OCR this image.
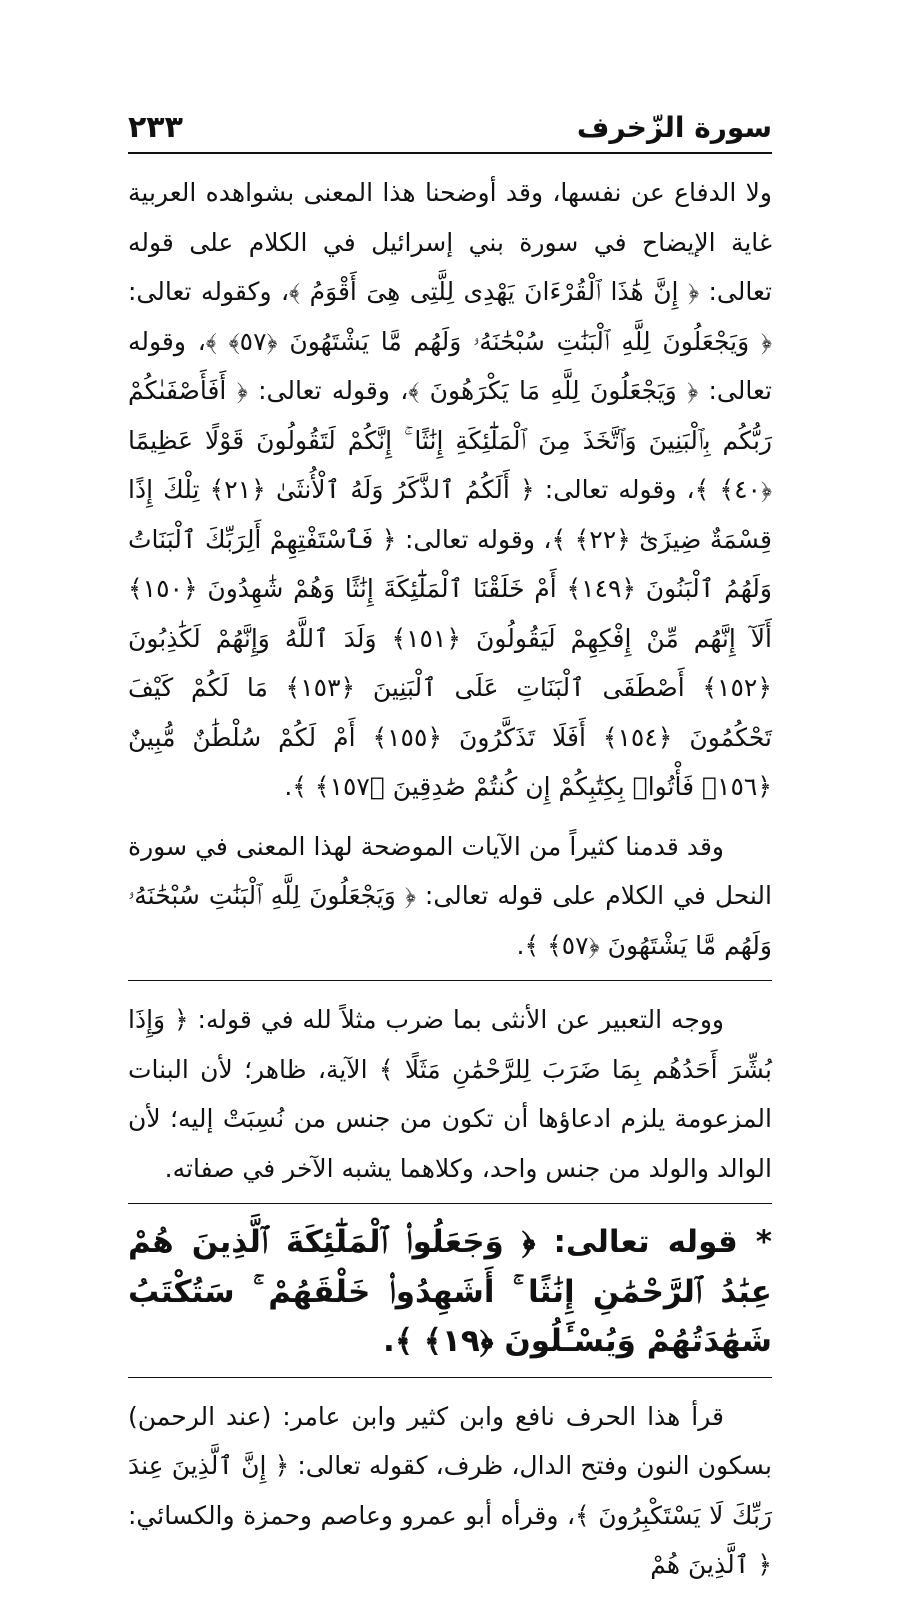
سورة الزّخرف
٢٣٣

ولا الدفاع عن نفسها، وقد أوضحنا هذا المعنى بشواهده العربية غاية الإيضاح في سورة بني إسرائيل في الكلام على قوله تعالى: ﴿ إِنَّ هَٰذَا ٱلْقُرْءَانَ يَهْدِى لِلَّتِى هِىَ أَقْوَمُ ﴾، وكقوله تعالى: ﴿ وَيَجْعَلُونَ لِلَّهِ ٱلْبَنَٰتِ سُبْحَٰنَهُۥ وَلَهُم مَّا يَشْتَهُونَ ﴿٥٧﴾ ﴾، وقوله تعالى: ﴿ وَيَجْعَلُونَ لِلَّهِ مَا يَكْرَهُونَ ﴾، وقوله تعالى: ﴿ أَفَأَصْفَىٰكُمْ رَبُّكُم بِٱلْبَنِينَ وَٱتَّخَذَ مِنَ ٱلْمَلَٰٓئِكَةِ إِنَٰثًا ۚ إِنَّكُمْ لَتَقُولُونَ قَوْلًا عَظِيمًا ﴿٤٠﴾ ﴾، وقوله تعالى: ﴿ أَلَكُمُ ٱلذَّكَرُ وَلَهُ ٱلْأُنثَىٰ ﴿٢١﴾ تِلْكَ إِذًا قِسْمَةٌ ضِيزَىٰٓ ﴿٢٢﴾ ﴾، وقوله تعالى: ﴿ فَٱسْتَفْتِهِمْ أَلِرَبِّكَ ٱلْبَنَاتُ وَلَهُمُ ٱلْبَنُونَ ﴿١٤٩﴾ أَمْ خَلَقْنَا ٱلْمَلَٰٓئِكَةَ إِنَٰثًا وَهُمْ شَٰهِدُونَ ﴿١٥٠﴾ أَلَآ إِنَّهُم مِّنْ إِفْكِهِمْ لَيَقُولُونَ ﴿١٥١﴾ وَلَدَ ٱللَّهُ وَإِنَّهُمْ لَكَٰذِبُونَ ﴿١٥٢﴾ أَصْطَفَى ٱلْبَنَاتِ عَلَى ٱلْبَنِينَ ﴿١٥٣﴾ مَا لَكُمْ كَيْفَ تَحْكُمُونَ ﴿١٥٤﴾ أَفَلَا تَذَكَّرُونَ ﴿١٥٥﴾ أَمْ لَكُمْ سُلْطَٰنٌ مُّبِينٌ ﴿١٥٦﴾ فَأْتُوا۟ بِكِتَٰبِكُمْ إِن كُنتُمْ صَٰدِقِينَ ﴿١٥٧﴾ ﴾.

وقد قدمنا كثيراً من الآيات الموضحة لهذا المعنى في سورة النحل في الكلام على قوله تعالى: ﴿ وَيَجْعَلُونَ لِلَّهِ ٱلْبَنَٰتِ سُبْحَٰنَهُۥ وَلَهُم مَّا يَشْتَهُونَ ﴿٥٧﴾ ﴾.

ووجه التعبير عن الأنثى بما ضرب مثلاً لله في قوله: ﴿ وَإِذَا بُشِّرَ أَحَدُهُم بِمَا ضَرَبَ لِلرَّحْمَٰنِ مَثَلًا ﴾ الآية، ظاهر؛ لأن البنات المزعومة يلزم ادعاؤها أن تكون من جنس من نُسِبَتْ إليه؛ لأن الوالد والولد من جنس واحد، وكلاهما يشبه الآخر في صفاته.

* قوله تعالى: ﴿ وَجَعَلُوا۟ ٱلْمَلَٰٓئِكَةَ ٱلَّذِينَ هُمْ عِبَٰدُ ٱلرَّحْمَٰنِ إِنَٰثًا ۚ أَشَهِدُوا۟ خَلْقَهُمْ ۚ سَتُكْتَبُ شَهَٰدَتُهُمْ وَيُسْـَٔلُونَ ﴿١٩﴾ ﴾.

قرأ هذا الحرف نافع وابن كثير وابن عامر: (عند الرحمن) بسكون النون وفتح الدال، ظرف، كقوله تعالى: ﴿ إِنَّ ٱلَّذِينَ عِندَ رَبِّكَ لَا يَسْتَكْبِرُونَ ﴾، وقرأه أبو عمرو وعاصم وحمزة والكسائي: ﴿ ٱلَّذِينَ هُمْ
